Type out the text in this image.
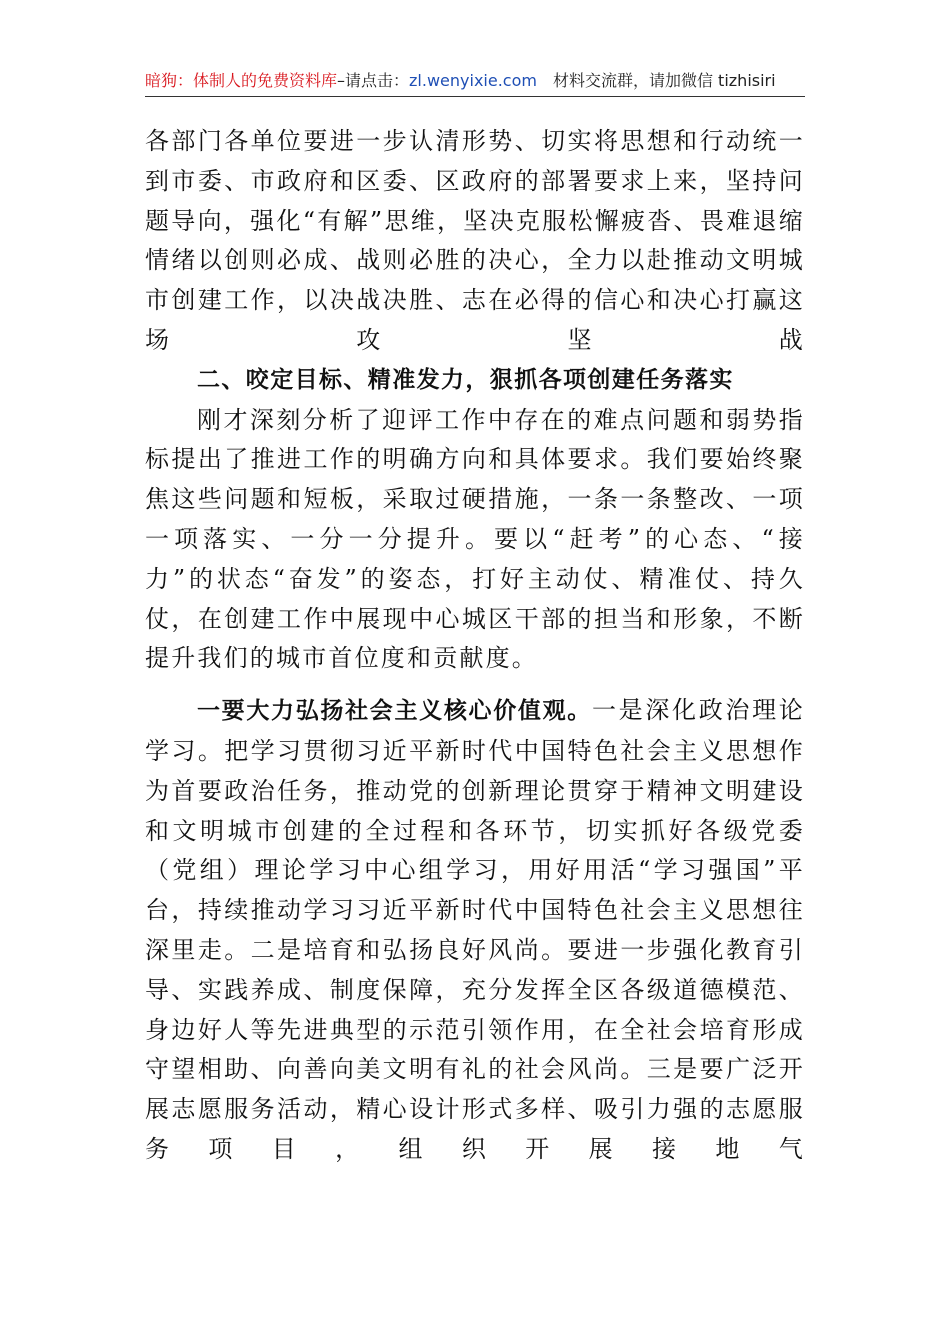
暗狗：体制人的免费资料库–请点击：zl.wenyixie.com 材料交流群，请加微信 tizhisiri

各部门各单位要进一步认清形势、切实将思想和行动统一到市委、市政府和区委、区政府的部署要求上来，坚持问题导向，强化“有解”思维，坚决克服松懈疲沓、畏难退缩情绪以创则必成、战则必胜的决心，全力以赴推动文明城市创建工作，以决战决胜、志在必得的信心和决心打赢这场攻坚战

二、咬定目标、精准发力，狠抓各项创建任务落实

刚才深刻分析了迎评工作中存在的难点问题和弱势指标提出了推进工作的明确方向和具体要求。我们要始终聚焦这些问题和短板，采取过硬措施，一条一条整改、一项一项落实、一分一分提升。要以“赶考”的心态、“接力”的状态“奋发”的姿态，打好主动仗、精准仗、持久仗，在创建工作中展现中心城区干部的担当和形象，不断提升我们的城市首位度和贡献度。

一要大力弘扬社会主义核心价值观。一是深化政治理论学习。把学习贯彻习近平新时代中国特色社会主义思想作为首要政治任务，推动党的创新理论贯穿于精神文明建设和文明城市创建的全过程和各环节，切实抓好各级党委（党组）理论学习中心组学习，用好用活“学习强国”平台，持续推动学习习近平新时代中国特色社会主义思想往深里走。二是培育和弘扬良好风尚。要进一步强化教育引导、实践养成、制度保障，充分发挥全区各级道德模范、身边好人等先进典型的示范引领作用，在全社会培育形成守望相助、向善向美文明有礼的社会风尚。三是要广泛开展志愿服务活动，精心设计形式多样、吸引力强的志愿服务项目，组织开展接地气
